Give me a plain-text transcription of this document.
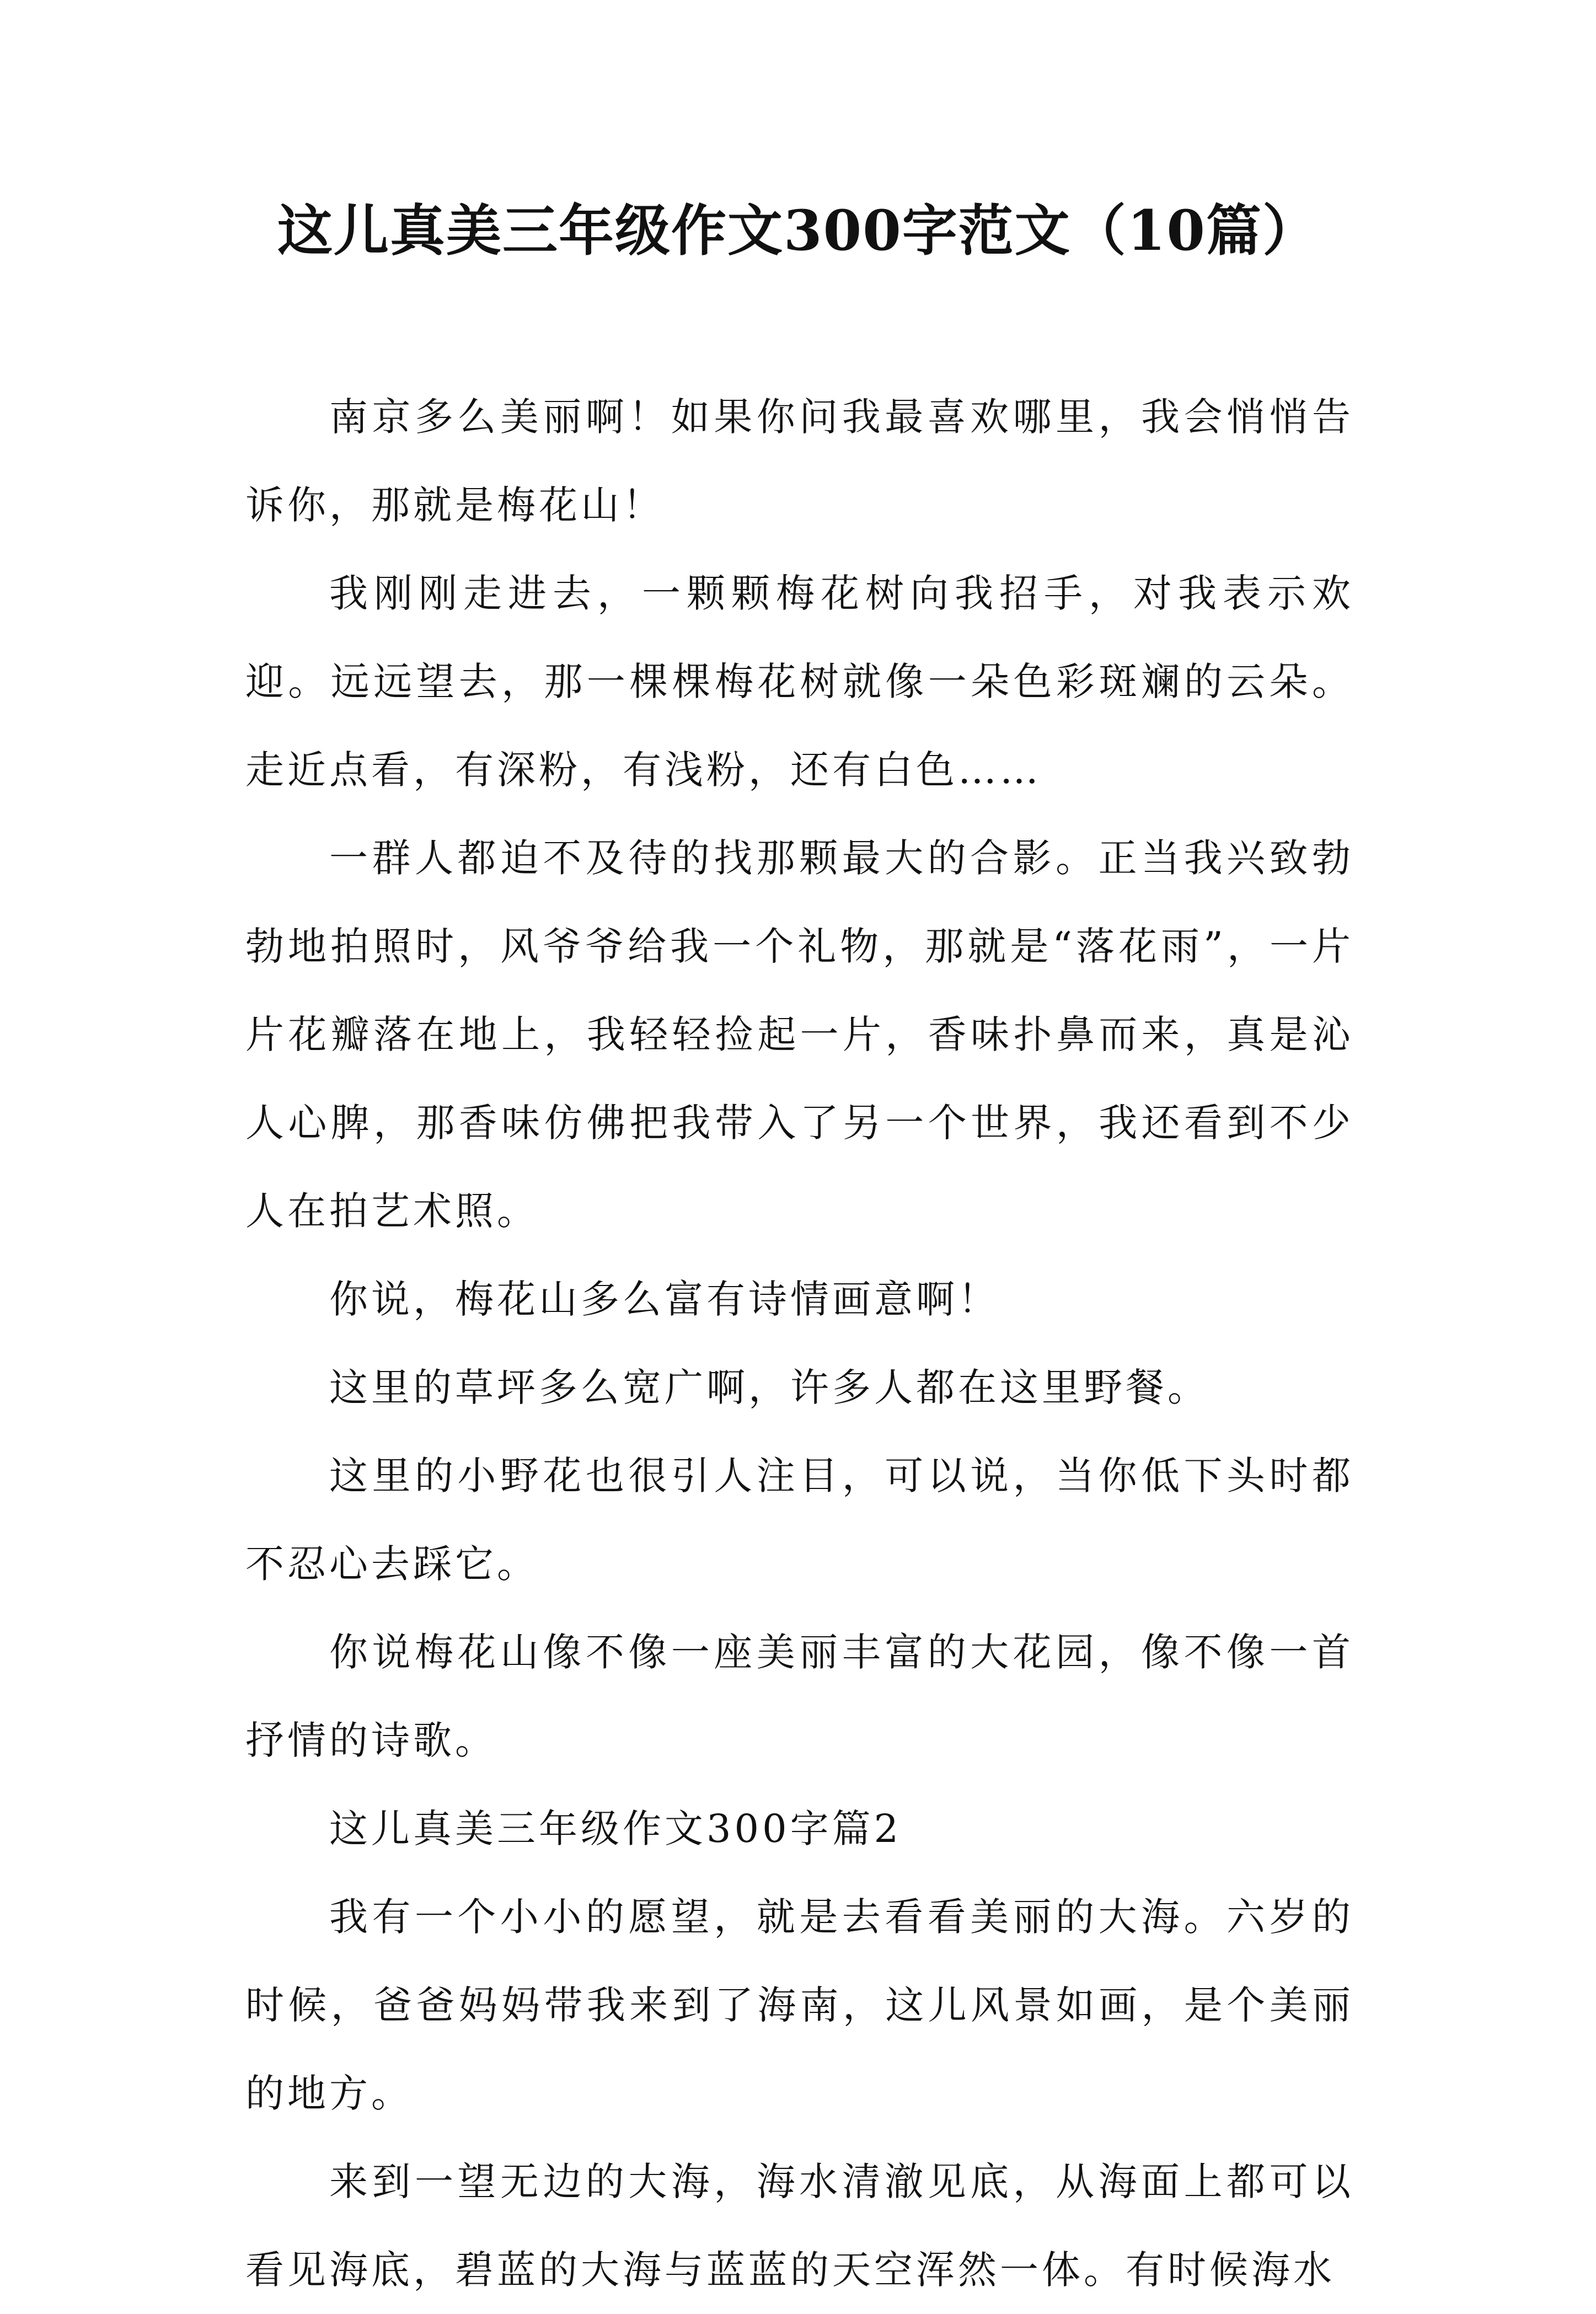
这儿真美三年级作文300字范文（10篇）

南京多么美丽啊！如果你问我最喜欢哪里，我会悄悄告诉你，那就是梅花山！

我刚刚走进去，一颗颗梅花树向我招手，对我表示欢迎。远远望去，那一棵棵梅花树就像一朵色彩斑斓的云朵。走近点看，有深粉，有浅粉，还有白色……

一群人都迫不及待的找那颗最大的合影。正当我兴致勃勃地拍照时，风爷爷给我一个礼物，那就是“落花雨”，一片片花瓣落在地上，我轻轻捡起一片，香味扑鼻而来，真是沁人心脾，那香味仿佛把我带入了另一个世界，我还看到不少人在拍艺术照。

你说，梅花山多么富有诗情画意啊！

这里的草坪多么宽广啊，许多人都在这里野餐。

这里的小野花也很引人注目，可以说，当你低下头时都不忍心去踩它。

你说梅花山像不像一座美丽丰富的大花园，像不像一首抒情的诗歌。

这儿真美三年级作文300字篇2

我有一个小小的愿望，就是去看看美丽的大海。六岁的时候，爸爸妈妈带我来到了海南，这儿风景如画，是个美丽的地方。

来到一望无边的大海，海水清澈见底，从海面上都可以看见海底，碧蓝的大海与蓝蓝的天空浑然一体。有时候海水
